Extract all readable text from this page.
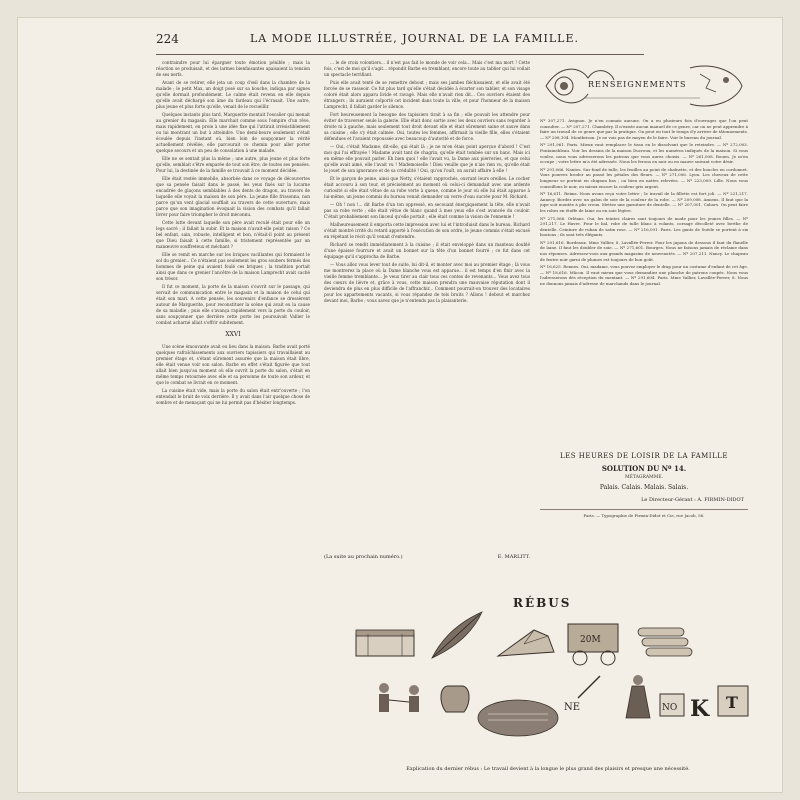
224	LA MODE ILLUSTRÉE, JOURNAL DE LA FAMILLE.

contraindre pour lui épargner toute émotion pénible ; mais la réaction se produisait, et des larmes bienfaisantes apaisaient la tension de ses nerfs.

Avant de se retirer, elle jeta un coup d'œil dans la chambre de la malade ; le petit Max, un doigt posé sur sa bouche, indiqua par signes qu'elle dormait profondément. Le calme était revenu en elle depuis qu'elle avait déchargé son âme du fardeau qui l'écrasait. Une autre, plus jeune et plus forte qu'elle, venait de le recueillir.

Quelques instants plus tard, Marguerite montait l'escalier qui menait au grenier du magasin. Elle marchait comme sous l'empire d'un rêve, mais rapidement, en proie à une idée fixe qui l'attirait irrésistiblement ou lui montrant un but à atteindre. Une demi-heure seulement s'était écoulée depuis l'instant où, bien loin de soupçonner la vérité actuellement révélée, elle parcourait ce chemin pour aller porter quelque secours et un peu de consolation à une malade.

Elle ne se sentait plus la même ; une autre, plus jeune et plus forte qu'elle, semblait s'être emparée de tout son être, de toutes ses pensées. Pour lui, la destinée de la famille se trouvait à ce moment décidée.

Elle était restée immobile, absorbée dans ce voyage de découvertes que sa pensée faisait dans le passé, les yeux fixés sur la lucarne encadrée de glaçons semblables à des dents de dragon, au travers de laquelle elle voyait la maison de son père. La jeune fille frissonna, non parce qu'un vent glacial soufflait au travers de cette ouverture, mais parce que son imagination évoquait la vision des combats qu'il fallait livrer pour faire triompher le droit méconnu.

Cette lutte devant laquelle son père avait reculé était pour elle un legs sacré ; il fallait la subir. Et la maison n'avait-elle point raison ? Ce bel enfant, sain, robuste, intelligent et bon, n'était-il point au présent que Dieu faisait à cette famille, si tristement représentée par un manœuvre souffreteux et méchant ?

Elle se remit en marche sur les briques vacillantes qui formaient le sol du grenier... Ce n'étaient pas seulement les gros soubers fermés des hommes de peine qui avaient foulé ces briques ; la tradition portait ainsi que dans ce grenier l'ancêtre de la maison Lamprecht avait caché son trésor.

Il fut ce moment, la porte de la maison s'ouvrit sur le passage, qui servait de communication entre le magasin et la maison de celui qui était son mari. A cette pensée, les souvenirs d'enfance se dressèrent autour de Marguerite, pour reconstituer la scène qui avait eu la cause de sa maladie ; puis elle s'avança rapidement vers la porte du couloir, sans soupçonner que derrière cette porte les poursuivait Vallier le combat acharné allait s'offrir subitement.

XXVI

Une scène émouvante avait eu lieu dans la maison. Barbe avait porté quelques rafraîchissements aux ouvriers tapissiers qui travaillaient au premier étage et, s'étant sûrement assurée que la maison était libre, elle était venue voir son salon. Barbe en effet s'était figurée que tout allait bien jusqu'au moment où elle ouvrit la porte du salon, s'était en même temps retournée avec elle et sa personne de toute son ardeur, et que le combat se livrait en ce moment.

La cuisine était vide, mais la porte du salon était entr'ouverte ; l'on entendait le bruit de voix derrière. Il y avait dans l'air quelque chose de sombre et de menaçant qui ne lui permit pas d'hésiter longtemps.

... le de croix volontiers... il n'est pas fait le monde de voir cela... Mais c'est ma mort ! Cette fois, c'est de moi qu'il s'agit... répondit Barbe en tremblant, encore toute au tablier qui lui voilait un spectacle terrifiant.

Puis elle avait tenté de se remettre debout ; mais ses jambes fléchissaient, et elle avait été forcée de se rasseoir. Ce fut plus tard qu'elle s'était décidée à écarter son tablier, et son visage coloré était alors apparu livide et ravagé. Mais elle n'avait rien dit... Ces ouvriers étaient des étrangers ; ils auraient colporté cet incident dans toute la ville, et pour l'honneur de la maison Lamprecht, il fallait garder le silence.

Fort heureusement la besogne des tapissiers tirait à sa fin ; elle pouvait les attendre pour éviter de traverser seule la galerie. Elle était donc sortie avec les deux ouvriers sans regarder à droite ni à gauche, mais seulement tout droit devant elle et était sûrement saine et sauve dans sa cuisine ; elle s'y était calmée. Oui, toutes les femmes, affirmait la vieille fille, elles s'étaient défendues et l'avaient repoussée avec beaucoup d'autorité et de force.

— Oui, c'était Madame, dit-elle, qui était là ; je ne m'en étais point aperçue d'abord ! C'est moi qui l'ai effrayée ! Madame avait tant de chagrin, qu'elle était tombée sur un banc. Mais ici en même elle pouvait parler. Eh bien quoi ! elle l'avait vu, la Dame aux pierreries, et que celui qu'elle avait aimé, elle l'avait vu ! Mademoiselle ! Dieu veuille que je n'aie rien vu, qu'elle était le jouet de son ignorance et de sa crédulité ! Oui, qu'on l'ouït, on aurait affaire à elle !

Et le garçon de peine, ainsi que Netty, s'étaient rapprochés, ouvrant leurs oreilles. Le cocher était accouru à son tour, et précisément au moment où celui-ci demandait avec une ardente curiosité si elle était vêtue de sa robe verte à queue, comme le jour où elle lui était apparue à lui-même, un jeune commis du bureau venait demander un verre d'eau sucrée pour M. Richard.

— Oh ! non !... dit Barbe d'un ton oppressé, en secouant énergiquement la tête, elle n'avait pas sa robe verte ; elle était vêtue de blanc quand à mes yeux elle s'est avancée du couloir. C'était probablement son linceul qu'elle portait ; elle était comme la vision de l'ennemie !

Malheureusement il emporta cette impression avec lui et l'introduisit dans le bureau. Richard s'était montré irrité du retard apporté à l'exécution de son ordre, le jeune commis s'était excusé en répétant le récit qu'il venait d'entendre.

Richard se rendit immédiatement à la cuisine ; il était enveloppé dans un manteau doublé d'une épaisse fourrure et avait un bonnet sur la tête d'un bonnet fourré ; ce fut dans cet équipage qu'il s'approcha de Barbe.

— Vous allez vous lever tout de suite, lui dit-il, et monter avec moi au premier étage ; là vous me montrerez la place où la Dame blanche vous est apparue... il est temps d'en finir avec la vieille femme tremblante... Je veux tirer au clair tous ces contes de revenants... Vous avez tous des cœurs de lièvre et, grâce à vous, cette maison prendra une mauvaise réputation dont il deviendra de plus en plus difficile de l'affranchir... Comment pourrait-on trouver des locataires pour les appartements vacants, si vous répandez de tels bruits ? Allons ! debout et marchez devant moi, Barbe ; vous savez que je n'entends pas la plaisanterie.

(La suite au prochain numéro.)	E. MARLITT.
RENSEIGNEMENTS

Nº 307,271. Avignon. Je n'en connais aucune. On a eu plusieurs fois d'ouvrages que l'on peut consulter. — Nº 207,271. Chambéry. Il n'existe aucun manuel de ce genre, car on ne peut apprendre à faire un travail de ce genre que par la pratique. On peut en tout le temps d'y arriver de tâtonnements. — Nº 208,104. Montbrison. Je ne vois pas de moyen de le faire. Voir le bureau du journal.

Nº 291,961. Paris. Mieux vaut remplacer le tissu en le dissolvant que le reteindre. — Nº 272,003. Fontainebleau. Voir les dessins de la maison Ducreux, et les numéros indiqués de la maison. Si vous voulez, nous vous adresserons les patrons que vous aurez choisis. — Nº 261,008. Rouen. Je m'en occupe ; votre lettre m'a été adressée. Nous les ferons en noir ou en mauve suivant votre désir.

Nº 291,066. Nantes. Sur fond de tulle, les feuilles au point de chaînette, et des boucles en cordonnet. Vous pourrez broder au passé les pétales des fleurs. — Nº 271,006. Lyon. Les cheveux de cette longueur se portent en chignon bas ; ou bien en nattes relevées. — Nº 223,009. Lille. Nous vous conseillons le noir, ou mieux encore la couleur gris argent.

Nº 16,611. Reims. Nous avons reçu votre lettre ; le travail de la fillette est fort joli. — Nº 221,217. Annecy. Bordez avec un galon de soie de la couleur de la robe. — Nº 209,008. Amiens. Il faut que la jupe soit montée à plis creux. Mettez une garniture de dentelle. — Nº 207,001. Cahors. On peut faire les robes en étoffe de laine ou en soie légère.

Nº 271,066. Orléans. Oui, les teintes claires sont toujours de mode pour les jeunes filles. — Nº 291,217. Le Havre. Pour le bal, robe de tulle blanc à volants, corsage décolleté avec berthe de dentelle. Ceinture de ruban de satin rose. — Nº 216,091. Paris. Les gants de Suède se portent à six boutons ; ils sont très élégants.

Nº 291,616. Bordeaux. Mme Vallier, 8, Lavallée-Ferrer. Pour les jupons de dessous il faut du flanelle de laine. Il faut les doubler de soie. — Nº 271,601. Bourges. Nous ne faisons jamais de réclame dans nos réponses. Adressez-vous aux grands magasins de nouveautés. — Nº 207,211. Nancy. Le chapeau de feutre noir garni de plumes est toujours de bon goût.

Nº 16,625. Rennes. Oui, madame, vous pouvez employer le drap pour un costume d'enfant de cet âge. — Nº 18,616. Mâcon. Il vaut mieux que vous demandiez une planche de patrons coupés. Nous vous l'adresserons dès réception du montant. — Nº 291,604. Paris. Mme Vallier, Lavallée-Ferrer, 8. Nous ne donnons jamais d'adresse de marchands dans le journal.

LES HEURES DE LOISIR DE LA FAMILLE
SOLUTION DU Nº 14.
MÉTAGRAMME.
Palais. Calais. Malais. Salais.
Le Directeur-Gérant : A. FIRMIN-DIDOT
Paris. — Typographie de Firmin-Didot et Cie, rue Jacob, 56.
RÉBUS
20M
NE	NO K T
Explication du dernier rébus : Le travail devient à la longue le plus grand des plaisirs et presque une nécessité.
